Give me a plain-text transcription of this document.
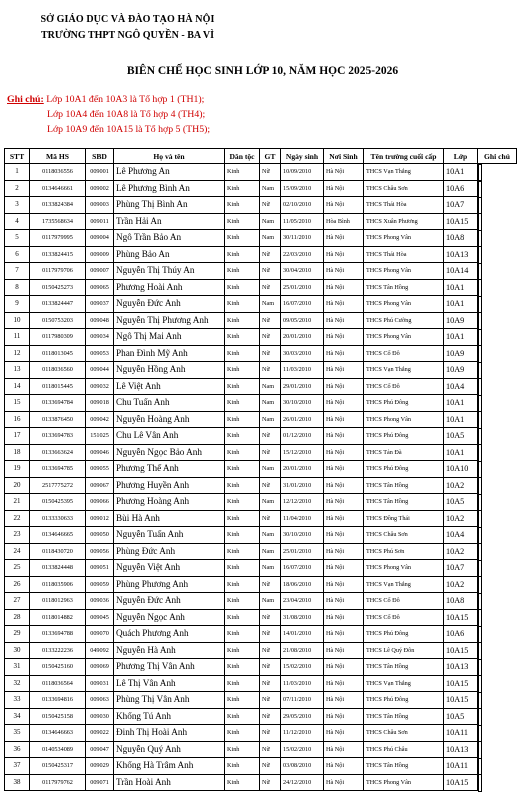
SỞ GIÁO DỤC VÀ ĐÀO TẠO HÀ NỘI
TRƯỜNG THPT NGÔ QUYỀN - BA VÌ
BIÊN CHẾ HỌC SINH LỚP 10, NĂM HỌC 2025-2026
Ghi chú: Lớp 10A1 đến 10A3 là Tổ hợp 1 (TH1);
Lớp 10A4 đến 10A8 là Tổ hợp 4 (TH4);
Lớp 10A9 đến 10A15 là Tổ hợp 5 (TH5);
STT	Mã HS	SBD	Họ và tên	Dân tộc	GT	Ngày sinh	Nơi Sinh	Tên trường cuối cấp	Lớp	Ghi chú
1	0118036556	009001	Lê Phương An	Kinh	Nữ	10/09/2010	Hà Nội	THCS Vạn Thắng	10A1	

2	0134646661	009002	Lê Phương Bình An	Kinh	Nam	15/09/2010	Hà Nội	THCS Châu Sơn	10A6	

3	0133824384	009003	Phùng Thị Bình An	Kinh	Nữ	02/10/2010	Hà Nội	THCS Thái Hòa	10A7	

4	1735568634	009011	Trần Hải An	Kinh	Nam	11/05/2010	Hòa Bình	THCS Xuân Phương	10A15	

5	0117979995	009004	Ngô Trần Bảo An	Kinh	Nam	30/11/2010	Hà Nội	THCS Phong Vân	10A8	

6	0133824415	009009	Phùng Bảo An	Kinh	Nữ	22/03/2010	Hà Nội	THCS Thái Hòa	10A13	

7	0117979706	009007	Nguyễn Thị Thúy An	Kinh	Nữ	30/04/2010	Hà Nội	THCS Phong Vân	10A14	

8	0150425273	009065	Phương Hoài Anh	Kinh	Nữ	25/01/2010	Hà Nội	THCS Tân Hồng	10A1	

9	0133824447	009037	Nguyễn Đức Anh	Kinh	Nam	16/07/2010	Hà Nội	THCS Phong Vân	10A1	

10	0150753203	009048	Nguyễn Thị Phương Anh	Kinh	Nữ	09/05/2010	Hà Nội	THCS Phú Cường	10A9	

11	0117980309	009034	Ngô Thị Mai Anh	Kinh	Nữ	20/01/2010	Hà Nội	THCS Phong Vân	10A1	

12	0118013045	009053	Phan Đình Mỹ Anh	Kinh	Nữ	30/03/2010	Hà Nội	THCS Cổ Đô	10A9	

13	0118036560	009044	Nguyễn Hồng Anh	Kinh	Nữ	11/03/2010	Hà Nội	THCS Vạn Thắng	10A9	

14	0118015445	009032	Lê Việt Anh	Kinh	Nam	29/01/2010	Hà Nội	THCS Cổ Đô	10A4	

15	0133694784	009018	Chu Tuấn Anh	Kinh	Nam	30/10/2010	Hà Nội	THCS Phú Đông	10A1	

16	0133876450	009042	Nguyễn Hoàng Anh	Kinh	Nam	26/01/2010	Hà Nội	THCS Phong Vân	10A1	

17	0133694783	151025	Chu Lê Vân Anh	Kinh	Nữ	01/12/2010	Hà Nội	THCS Phú Đông	10A5	

18	0133663624	009046	Nguyễn Ngọc Bảo Anh	Kinh	Nữ	15/12/2010	Hà Nội	THCS Tản Đà	10A1	

19	0133694785	009055	Phương Thế Anh	Kinh	Nam	20/01/2010	Hà Nội	THCS Phú Đông	10A10	

20	2517775272	009067	Phương Huyền Anh	Kinh	Nữ	31/01/2010	Hà Nội	THCS Tân Hồng	10A2	

21	0150425395	009066	Phương Hoàng Anh	Kinh	Nam	12/12/2010	Hà Nội	THCS Tân Hồng	10A5	

22	0133330633	009012	Bùi Hà Anh	Kinh	Nữ	11/04/2010	Hà Nội	THCS Đồng Thái	10A2	

23	0134646665	009050	Nguyễn Tuấn Anh	Kinh	Nam	30/10/2010	Hà Nội	THCS Châu Sơn	10A4	

24	0118430720	009056	Phùng Đức Anh	Kinh	Nam	25/01/2010	Hà Nội	THCS Phú Sơn	10A2	

25	0133824448	009051	Nguyễn Việt Anh	Kinh	Nam	16/07/2010	Hà Nội	THCS Phong Vân	10A7	

26	0118035906	009059	Phùng Phương Anh	Kinh	Nữ	18/06/2010	Hà Nội	THCS Vạn Thắng	10A2	

27	0118012963	009036	Nguyễn Đức Anh	Kinh	Nam	23/04/2010	Hà Nội	THCS Cổ Đô	10A8	

28	0118014882	009045	Nguyễn Ngọc Anh	Kinh	Nữ	31/08/2010	Hà Nội	THCS Cổ Đô	10A15	

29	0133694788	009070	Quách Phương Anh	Kinh	Nữ	14/01/2010	Hà Nội	THCS Phú Đông	10A6	

30	0133222236	049092	Nguyễn Hà Anh	Kinh	Nữ	21/08/2010	Hà Nội	THCS Lê Quý Đôn	10A15	

31	0150425160	009069	Phương Thị Vân Anh	Kinh	Nữ	15/02/2010	Hà Nội	THCS Tân Hồng	10A13	

32	0118036564	009031	Lê Thị Vân Anh	Kinh	Nữ	11/03/2010	Hà Nội	THCS Vạn Thắng	10A15	

33	0133694816	009063	Phùng Thị Vân Anh	Kinh	Nữ	07/11/2010	Hà Nội	THCS Phú Đông	10A15	

34	0150425158	009030	Khổng Tú Anh	Kinh	Nữ	29/05/2010	Hà Nội	THCS Tân Hồng	10A5	

35	0134646663	009022	Đinh Thị Hoài Anh	Kinh	Nữ	11/12/2010	Hà Nội	THCS Châu Sơn	10A11	

36	0140534089	009047	Nguyễn Quý Anh	Kinh	Nữ	15/02/2010	Hà Nội	THCS Phú Châu	10A13	

37	0150425317	009029	Khổng Hà Trâm Anh	Kinh	Nữ	03/08/2010	Hà Nội	THCS Tân Hồng	10A11	

38	0117979762	009071	Trần Hoài Anh	Kinh	Nữ	24/12/2010	Hà Nội	THCS Phong Vân	10A15	
